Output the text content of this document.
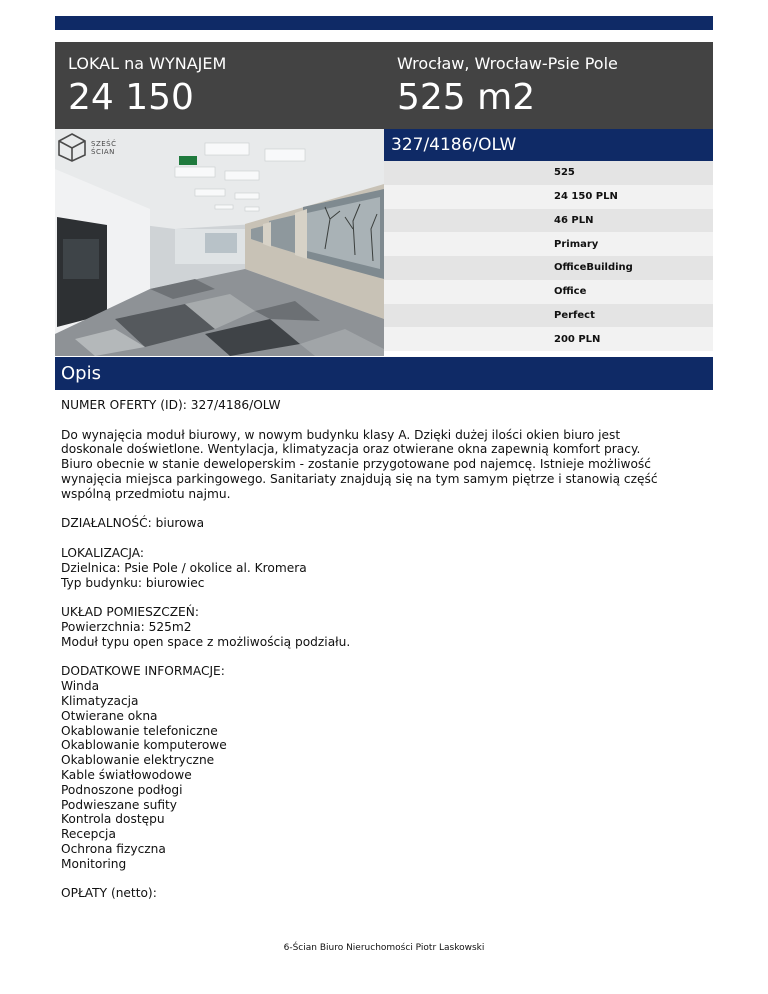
LOKAL na WYNAJEM
24 150
Wrocław, Wrocław-Psie Pole
525 m2
SZEŚĆ
ŚCIAN	327/4186/OLW
525
24 150 PLN
46 PLN
Primary
OfficeBuilding
Office
Perfect
200 PLN
Opis

NUMER OFERTY (ID): 327/4186/OLW

Do wynajęcia moduł biurowy, w nowym budynku klasy A. Dzięki dużej ilości okien biuro jest

doskonale doświetlone. Wentylacja, klimatyzacja oraz otwierane okna zapewnią komfort pracy.

Biuro obecnie w stanie deweloperskim - zostanie przygotowane pod najemcę. Istnieje możliwość

wynajęcia miejsca parkingowego. Sanitariaty znajdują się na tym samym piętrze i stanowią część

wspólną przedmiotu najmu.

DZIAŁALNOŚĆ: biurowa

LOKALIZACJA:

Dzielnica: Psie Pole / okolice al. Kromera

Typ budynku: biurowiec

UKŁAD POMIESZCZEŃ:

Powierzchnia: 525m2

Moduł typu open space z możliwością podziału.

DODATKOWE INFORMACJE:

Winda

Klimatyzacja

Otwierane okna

Okablowanie telefoniczne

Okablowanie komputerowe

Okablowanie elektryczne

Kable światłowodowe

Podnoszone podłogi

Podwieszane sufity

Kontrola dostępu

Recepcja

Ochrona fizyczna

Monitoring

OPŁATY (netto):

6-Ścian Biuro Nieruchomości Piotr Laskowski
